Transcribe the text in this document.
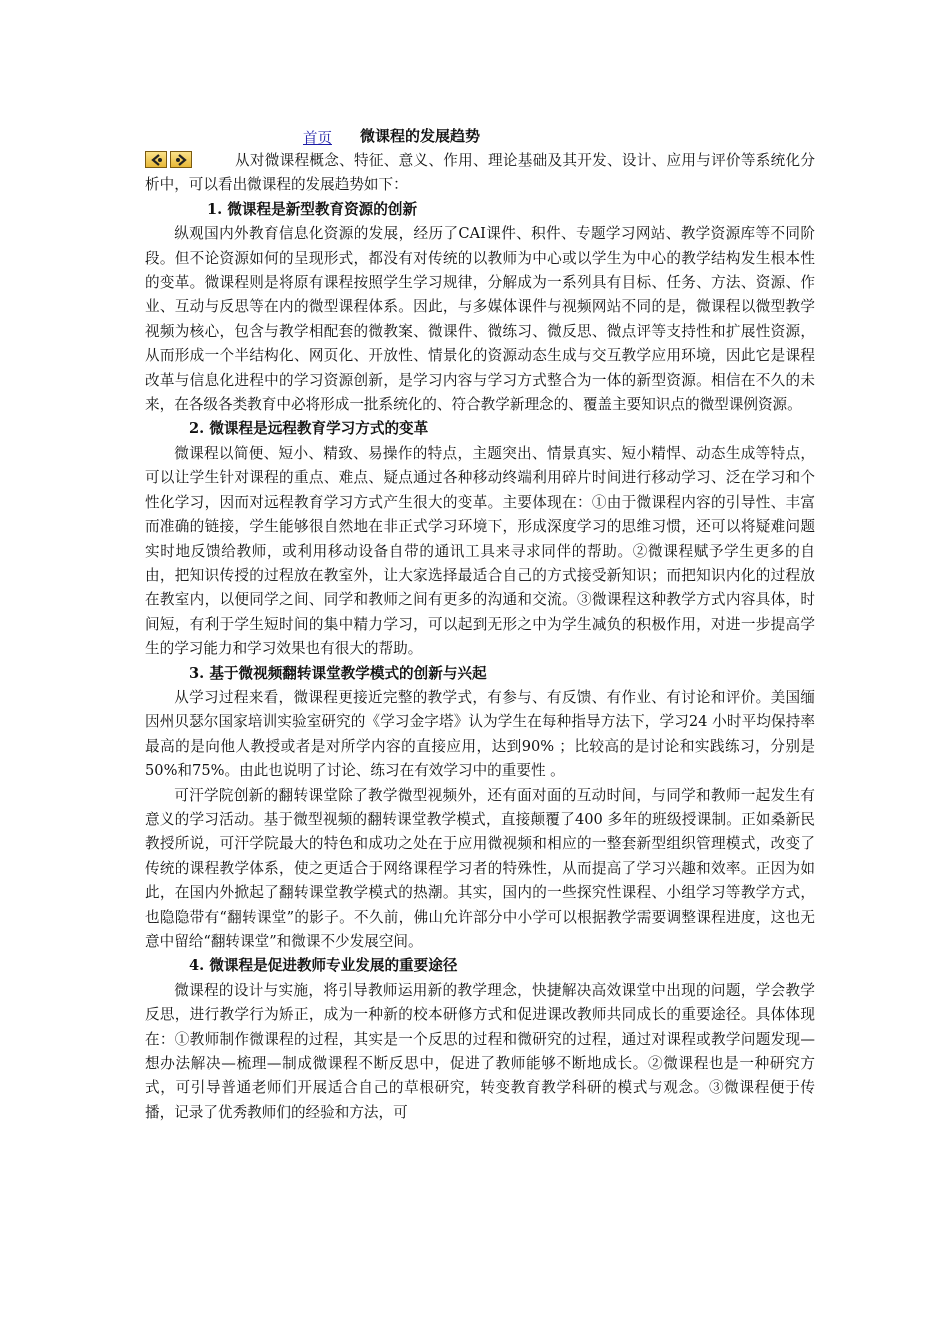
首页 微课程的发展趋势

从对微课程概念、特征、意义、作用、理论基础及其开发、设计、应用与评价等系统化分析中，可以看出微课程的发展趋势如下：

1. 微课程是新型教育资源的创新

纵观国内外教育信息化资源的发展，经历了CAI课件、积件、专题学习网站、教学资源库等不同阶段。但不论资源如何的呈现形式，都没有对传统的以教师为中心或以学生为中心的教学结构发生根本性的变革。微课程则是将原有课程按照学生学习规律，分解成为一系列具有目标、任务、方法、资源、作业、互动与反思等在内的微型课程体系。因此，与多媒体课件与视频网站不同的是，微课程以微型教学视频为核心，包含与教学相配套的微教案、微课件、微练习、微反思、微点评等支持性和扩展性资源，从而形成一个半结构化、网页化、开放性、情景化的资源动态生成与交互教学应用环境，因此它是课程改革与信息化进程中的学习资源创新，是学习内容与学习方式整合为一体的新型资源。相信在不久的未来，在各级各类教育中必将形成一批系统化的、符合教学新理念的、覆盖主要知识点的微型课例资源。

2. 微课程是远程教育学习方式的变革

微课程以简便、短小、精致、易操作的特点，主题突出、情景真实、短小精悍、动态生成等特点，可以让学生针对课程的重点、难点、疑点通过各种移动终端利用碎片时间进行移动学习、泛在学习和个性化学习，因而对远程教育学习方式产生很大的变革。主要体现在：①由于微课程内容的引导性、丰富而准确的链接，学生能够很自然地在非正式学习环境下，形成深度学习的思维习惯，还可以将疑难问题实时地反馈给教师，或利用移动设备自带的通讯工具来寻求同伴的帮助。②微课程赋予学生更多的自由，把知识传授的过程放在教室外，让大家选择最适合自己的方式接受新知识；而把知识内化的过程放在教室内，以便同学之间、同学和教师之间有更多的沟通和交流。③微课程这种教学方式内容具体，时间短，有利于学生短时间的集中精力学习，可以起到无形之中为学生减负的积极作用，对进一步提高学生的学习能力和学习效果也有很大的帮助。

3. 基于微视频翻转课堂教学模式的创新与兴起

从学习过程来看，微课程更接近完整的教学式，有参与、有反馈、有作业、有讨论和评价。美国缅因州贝瑟尔国家培训实验室研究的《学习金字塔》认为学生在每种指导方法下，学习24 小时平均保持率最高的是向他人教授或者是对所学内容的直接应用，达到90% ；比较高的是讨论和实践练习，分别是50%和75%。由此也说明了讨论、练习在有效学习中的重要性 。

可汗学院创新的翻转课堂除了教学微型视频外，还有面对面的互动时间，与同学和教师一起发生有意义的学习活动。基于微型视频的翻转课堂教学模式，直接颠覆了400 多年的班级授课制。正如桑新民教授所说，可汗学院最大的特色和成功之处在于应用微视频和相应的一整套新型组织管理模式，改变了传统的课程教学体系，使之更适合于网络课程学习者的特殊性，从而提高了学习兴趣和效率。正因为如此，在国内外掀起了翻转课堂教学模式的热潮。其实，国内的一些探究性课程、小组学习等教学方式，也隐隐带有“翻转课堂”的影子。不久前，佛山允许部分中小学可以根据教学需要调整课程进度，这也无意中留给“翻转课堂”和微课不少发展空间。

4. 微课程是促进教师专业发展的重要途径

微课程的设计与实施，将引导教师运用新的教学理念，快捷解决高效课堂中出现的问题，学会教学反思，进行教学行为矫正，成为一种新的校本研修方式和促进课改教师共同成长的重要途径。具体体现在：①教师制作微课程的过程，其实是一个反思的过程和微研究的过程，通过对课程或教学问题发现—想办法解决—梳理—制成微课程不断反思中，促进了教师能够不断地成长。②微课程也是一种研究方式，可引导普通老师们开展适合自己的草根研究，转变教育教学科研的模式与观念。③微课程便于传播，记录了优秀教师们的经验和方法，可
